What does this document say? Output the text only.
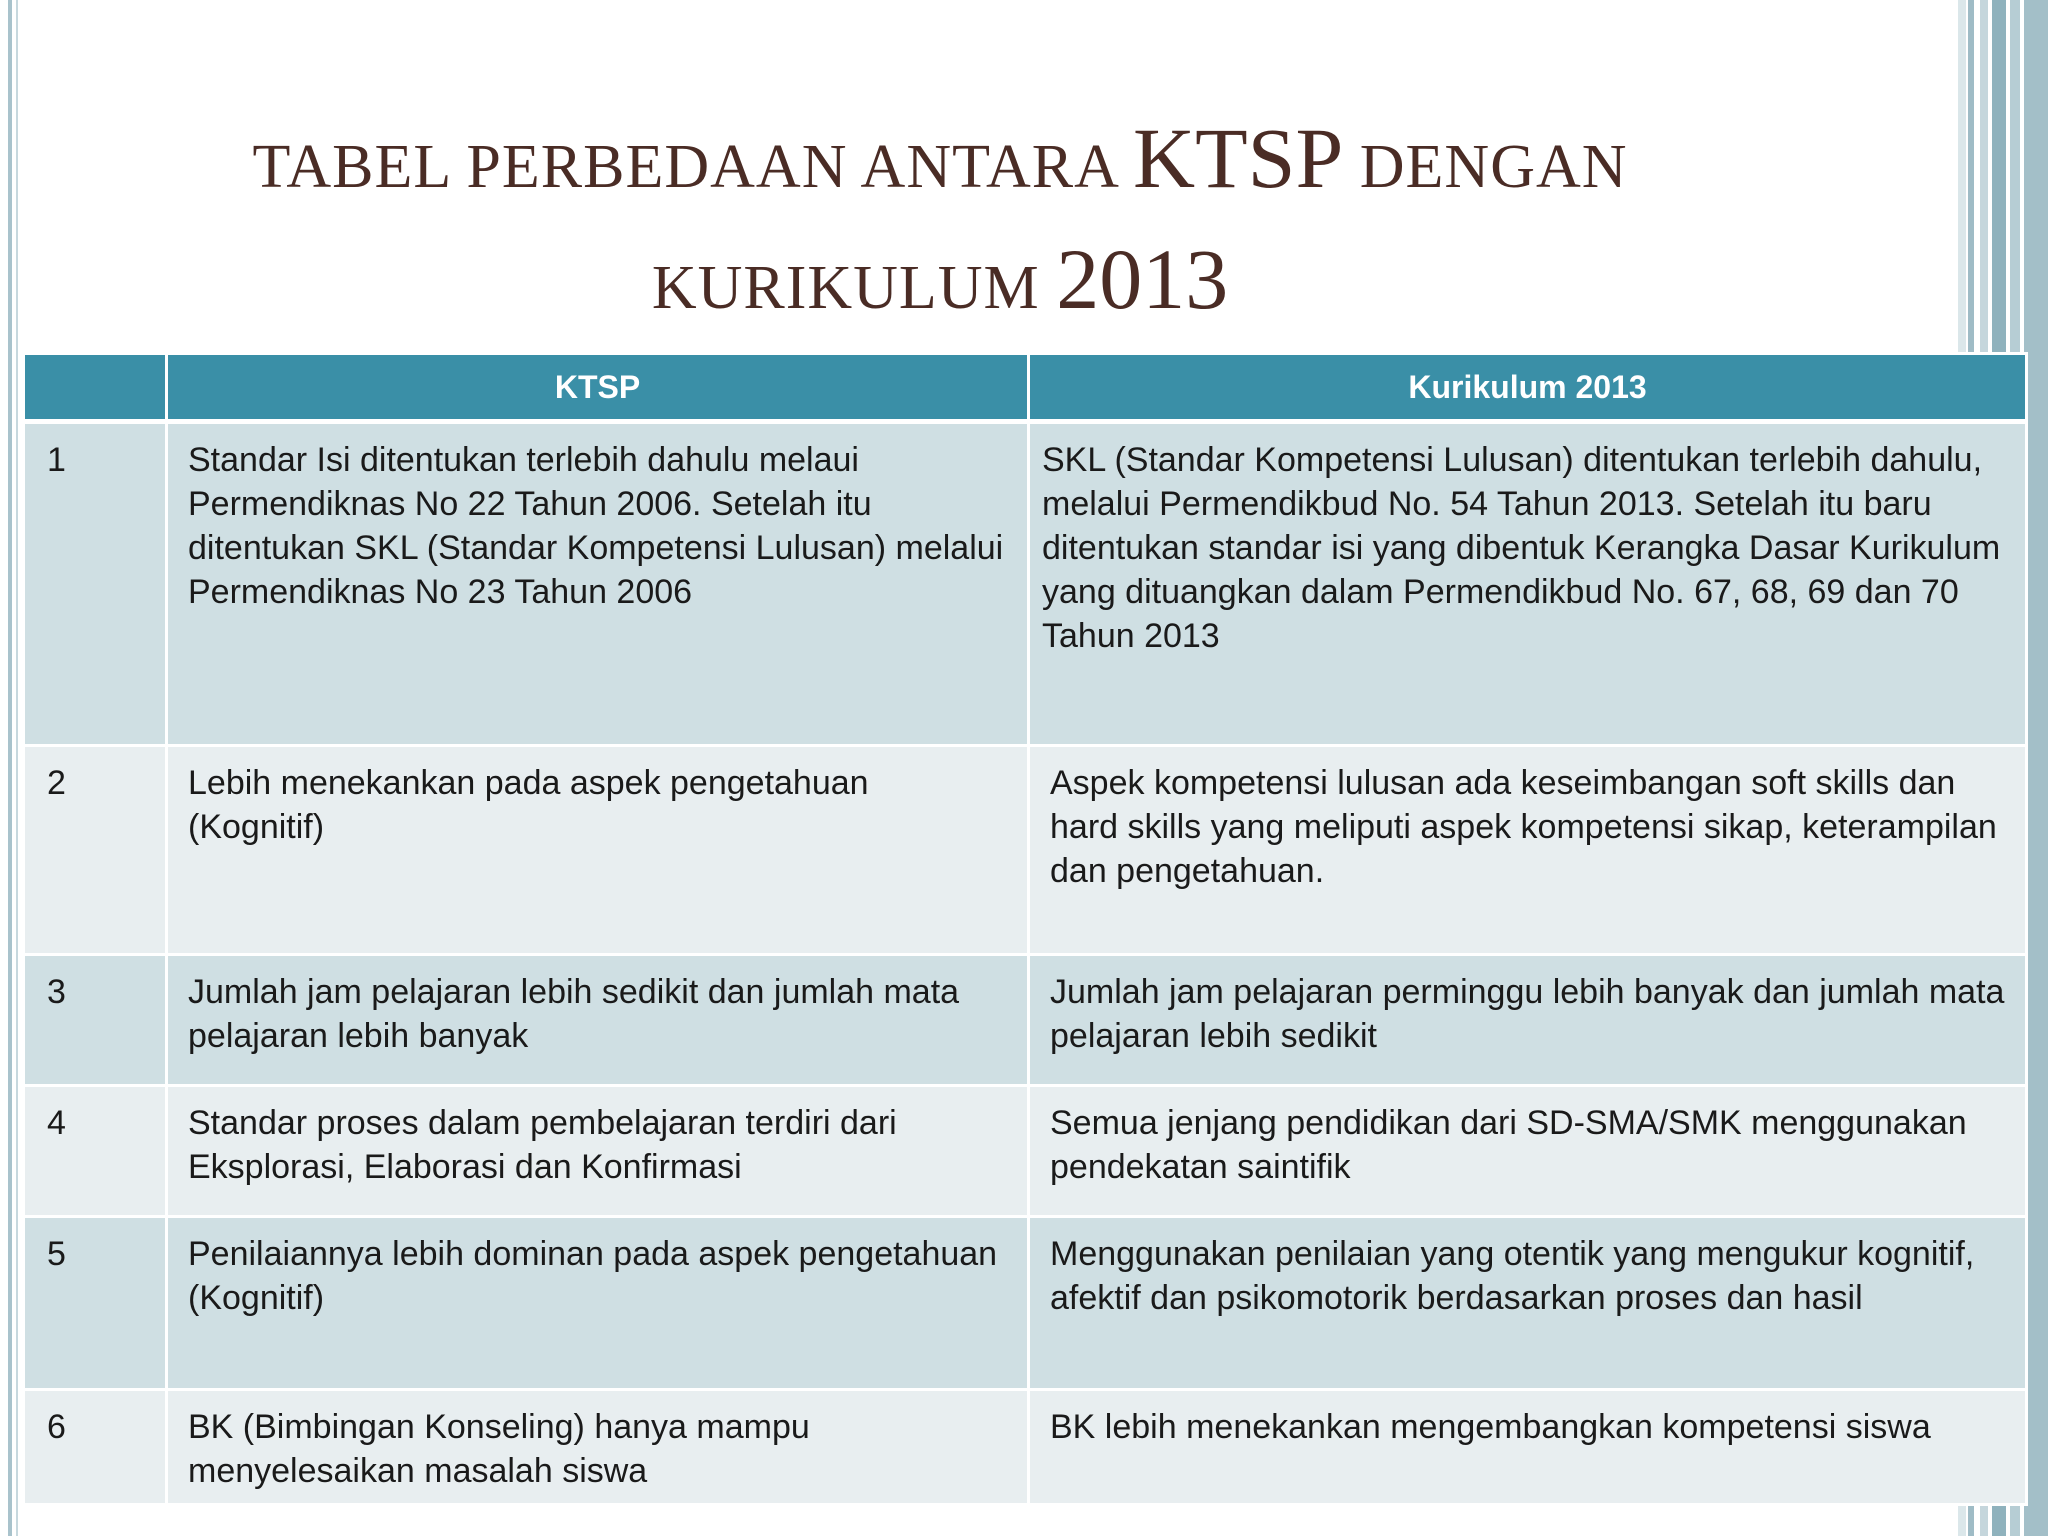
TABEL PERBEDAAN ANTARA KTSP DENGAN
KURIKULUM 2013
	KTSP	Kurikulum 2013
1	Standar Isi ditentukan terlebih dahulu melaui Permendiknas No 22 Tahun 2006. Setelah itu ditentukan SKL (Standar Kompetensi Lulusan) melalui Permendiknas No 23 Tahun 2006	SKL (Standar Kompetensi Lulusan) ditentukan terlebih dahulu, melalui Permendikbud No. 54 Tahun 2013. Setelah itu baru ditentukan standar isi yang dibentuk Kerangka Dasar Kurikulum yang dituangkan dalam Permendikbud No. 67, 68, 69 dan 70 Tahun 2013
2	Lebih menekankan pada aspek pengetahuan (Kognitif)	Aspek kompetensi lulusan ada keseimbangan soft skills dan hard skills yang meliputi aspek kompetensi sikap, keterampilan dan pengetahuan.
3	Jumlah jam pelajaran lebih sedikit dan jumlah mata pelajaran lebih banyak	Jumlah jam pelajaran perminggu lebih banyak dan jumlah mata pelajaran lebih sedikit
4	Standar proses dalam pembelajaran terdiri dari Eksplorasi, Elaborasi dan Konfirmasi	Semua jenjang pendidikan dari SD-SMA/SMK menggunakan pendekatan saintifik
5	Penilaiannya lebih dominan pada aspek pengetahuan (Kognitif)	Menggunakan penilaian yang otentik yang mengukur kognitif, afektif dan psikomotorik berdasarkan proses dan hasil
6	BK (Bimbingan Konseling) hanya mampu menyelesaikan masalah siswa	BK lebih menekankan mengembangkan kompetensi siswa
